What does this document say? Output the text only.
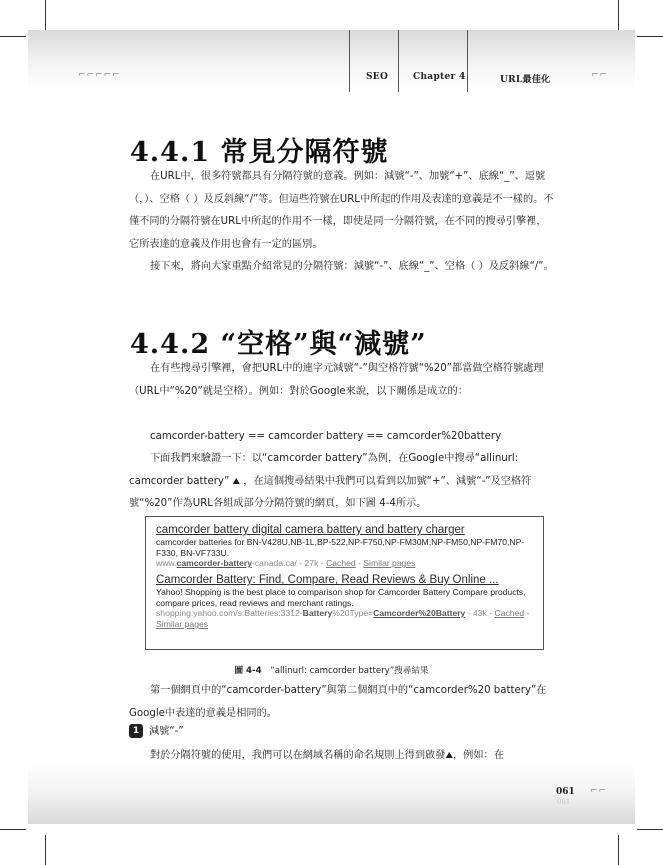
⌐⌐⌐⌐⌐	SEO	Chapter 4	URL最佳化	⌐⌐
4.4.1 常見分隔符號
在URL中，很多符號都具有分隔符號的意義。例如：減號“-”、加號“+”、底線“_”、逗號（，）、空格（ ）及反斜線“/”等。但這些符號在URL中所起的作用及表達的意義是不一樣的。不僅不同的分隔符號在URL中所起的作用不一樣，即使是同一分隔符號，在不同的搜尋引擎裡，它所表達的意義及作用也會有一定的區別。
接下來，將向大家重點介紹常見的分隔符號：減號“-”、底線“_”、空格（ ）及反斜線“/”。
4.4.2 “空格”與“減號”
在有些搜尋引擎裡，會把URL中的連字元減號“-”與空格符號“%20”都當做空格符號處理（URL中“%20”就是空格）。例如：對於Google來說，以下關係是成立的：
camcorder-battery == camcorder battery == camcorder%20battery
下面我們來驗證一下：以“camcorder battery”為例，在Google中搜尋“allinurl: camcorder battery” ⛰ ，在這個搜尋結果中我們可以看到以加號“+”、減號“-”及空格符號“%20”作為URL各組成部分分隔符號的網頁，如下圖 4-4所示。
camcorder battery digital camera battery and battery charger
camcorder batteries for BN-V428U,NB-1L,BP-522,NP-F750,NP-FM30M,NP-FM50,NP-FM70,NP-F330, BN-VF733U.
www.camcorder-battery-canada.ca/ - 27k - Cached - Similar pages
Camcorder Battery: Find, Compare, Read Reviews & Buy Online ...
Yahoo! Shopping is the best place to comparison shop for Camcorder Battery Compare products, compare prices, read reviews and merchant ratings.
shopping.yahoo.com/s:Batteries:3312-Battery%20Type=Camcorder%20Battery - 43k - Cached - Similar pages
圖 4-4 “allinurl: camcorder battery”搜尋結果
第一個網頁中的“camcorder-battery”與第二個網頁中的“camcorder%20 battery”在Google中表達的意義是相同的。
1 減號“-”
對於分隔符號的使用，我們可以在網域名稱的命名規則上得到啟發⛰，例如：在
061
061
⌐⌐
